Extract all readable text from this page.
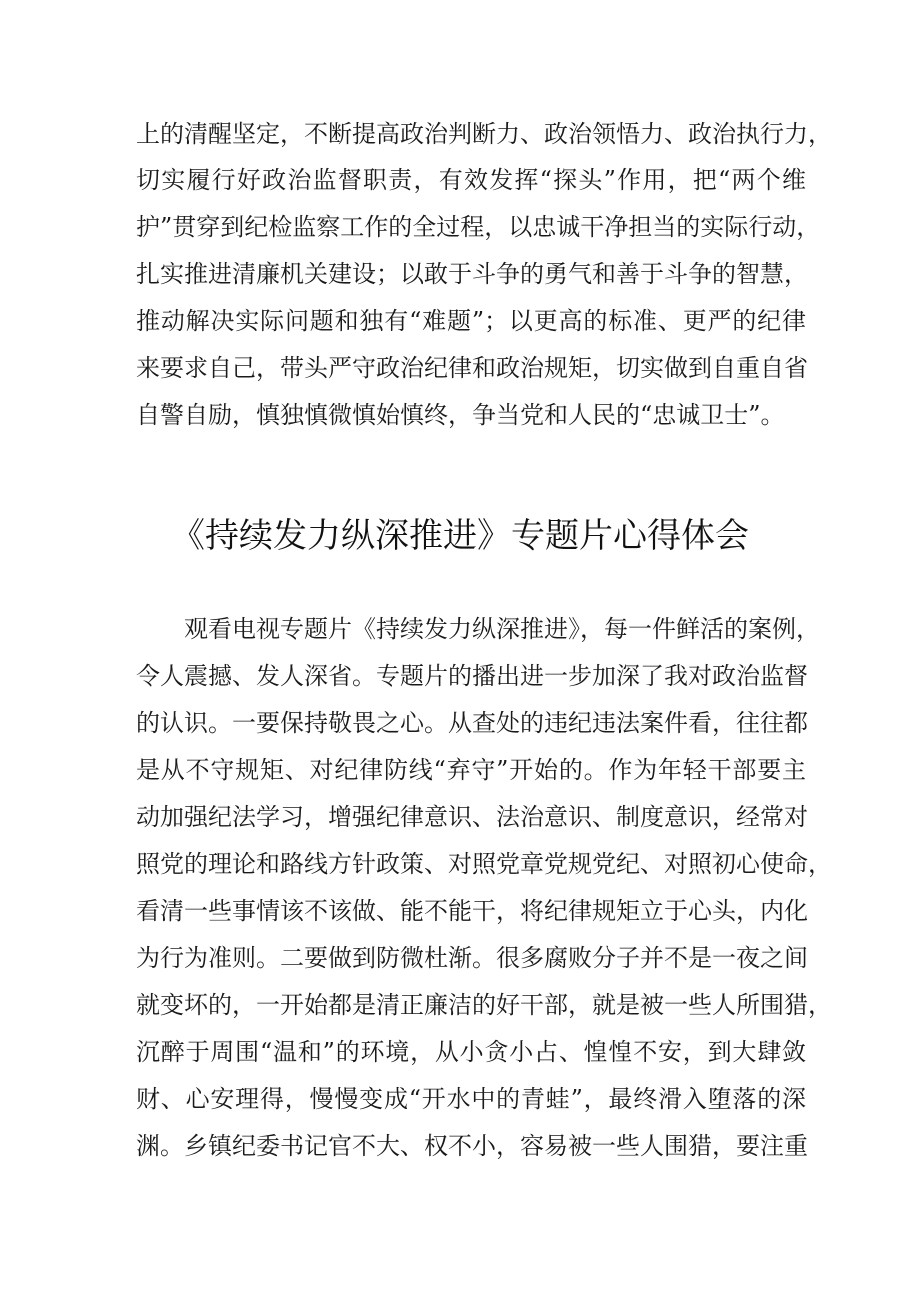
上的清醒坚定，不断提高政治判断力、政治领悟力、政治执行力，
切实履行好政治监督职责，有效发挥“探头”作用，把“两个维
护”贯穿到纪检监察工作的全过程，以忠诚干净担当的实际行动，
扎实推进清廉机关建设；以敢于斗争的勇气和善于斗争的智慧，
推动解决实际问题和独有“难题”；以更高的标准、更严的纪律
来要求自己，带头严守政治纪律和政治规矩，切实做到自重自省
自警自励，慎独慎微慎始慎终，争当党和人民的“忠诚卫士”。
《持续发力纵深推进》专题片心得体会
观看电视专题片《持续发力纵深推进》，每一件鲜活的案例，
令人震撼、发人深省。专题片的播出进一步加深了我对政治监督
的认识。一要保持敬畏之心。从查处的违纪违法案件看，往往都
是从不守规矩、对纪律防线“弃守”开始的。作为年轻干部要主
动加强纪法学习，增强纪律意识、法治意识、制度意识，经常对
照党的理论和路线方针政策、对照党章党规党纪、对照初心使命，
看清一些事情该不该做、能不能干，将纪律规矩立于心头，内化
为行为准则。二要做到防微杜渐。很多腐败分子并不是一夜之间
就变坏的，一开始都是清正廉洁的好干部，就是被一些人所围猎，
沉醉于周围“温和”的环境，从小贪小占、惶惶不安，到大肆敛
财、心安理得，慢慢变成“开水中的青蛙”，最终滑入堕落的深
渊。乡镇纪委书记官不大、权不小，容易被一些人围猎，要注重
